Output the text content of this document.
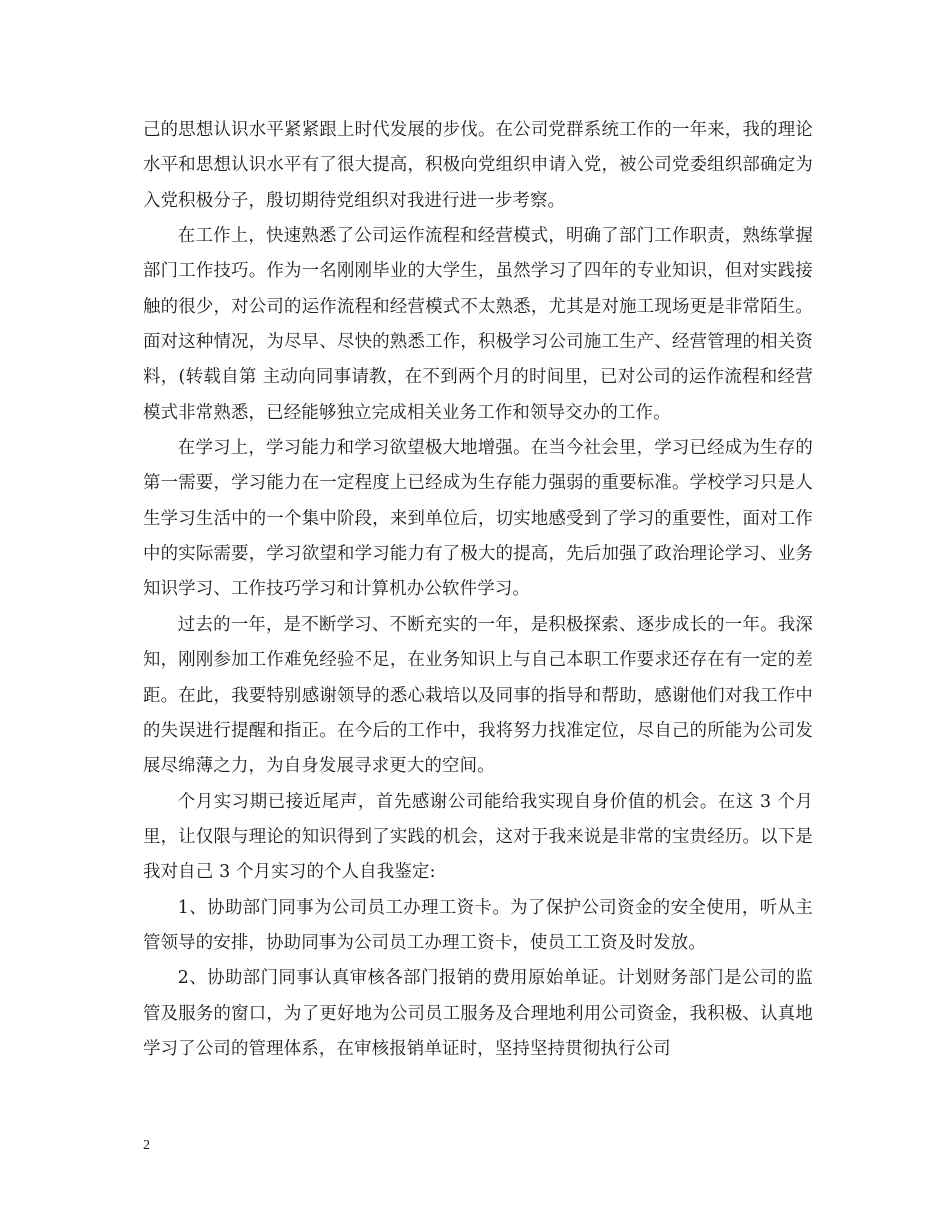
己的思想认识水平紧紧跟上时代发展的步伐。在公司党群系统工作的一年来，我的理论水平和思想认识水平有了很大提高，积极向党组织申请入党，被公司党委组织部确定为入党积极分子，殷切期待党组织对我进行进一步考察。

在工作上，快速熟悉了公司运作流程和经营模式，明确了部门工作职责，熟练掌握部门工作技巧。作为一名刚刚毕业的大学生，虽然学习了四年的专业知识，但对实践接触的很少，对公司的运作流程和经营模式不太熟悉，尤其是对施工现场更是非常陌生。面对这种情况，为尽早、尽快的熟悉工作，积极学习公司施工生产、经营管理的相关资料，(转载自第 主动向同事请教，在不到两个月的时间里，已对公司的运作流程和经营模式非常熟悉，已经能够独立完成相关业务工作和领导交办的工作。

在学习上，学习能力和学习欲望极大地增强。在当今社会里，学习已经成为生存的第一需要，学习能力在一定程度上已经成为生存能力强弱的重要标准。学校学习只是人生学习生活中的一个集中阶段，来到单位后，切实地感受到了学习的重要性，面对工作中的实际需要，学习欲望和学习能力有了极大的提高，先后加强了政治理论学习、业务知识学习、工作技巧学习和计算机办公软件学习。

过去的一年，是不断学习、不断充实的一年，是积极探索、逐步成长的一年。我深知，刚刚参加工作难免经验不足，在业务知识上与自己本职工作要求还存在有一定的差距。在此，我要特别感谢领导的悉心栽培以及同事的指导和帮助，感谢他们对我工作中的失误进行提醒和指正。在今后的工作中，我将努力找准定位，尽自己的所能为公司发展尽绵薄之力，为自身发展寻求更大的空间。

个月实习期已接近尾声，首先感谢公司能给我实现自身价值的机会。在这 3 个月里，让仅限与理论的知识得到了实践的机会，这对于我来说是非常的宝贵经历。以下是我对自己 3 个月实习的个人自我鉴定:

1、协助部门同事为公司员工办理工资卡。为了保护公司资金的安全使用，听从主管领导的安排，协助同事为公司员工办理工资卡，使员工工资及时发放。

2、协助部门同事认真审核各部门报销的费用原始单证。计划财务部门是公司的监管及服务的窗口，为了更好地为公司员工服务及合理地利用公司资金，我积极、认真地学习了公司的管理体系，在审核报销单证时，坚持坚持贯彻执行公司

2
